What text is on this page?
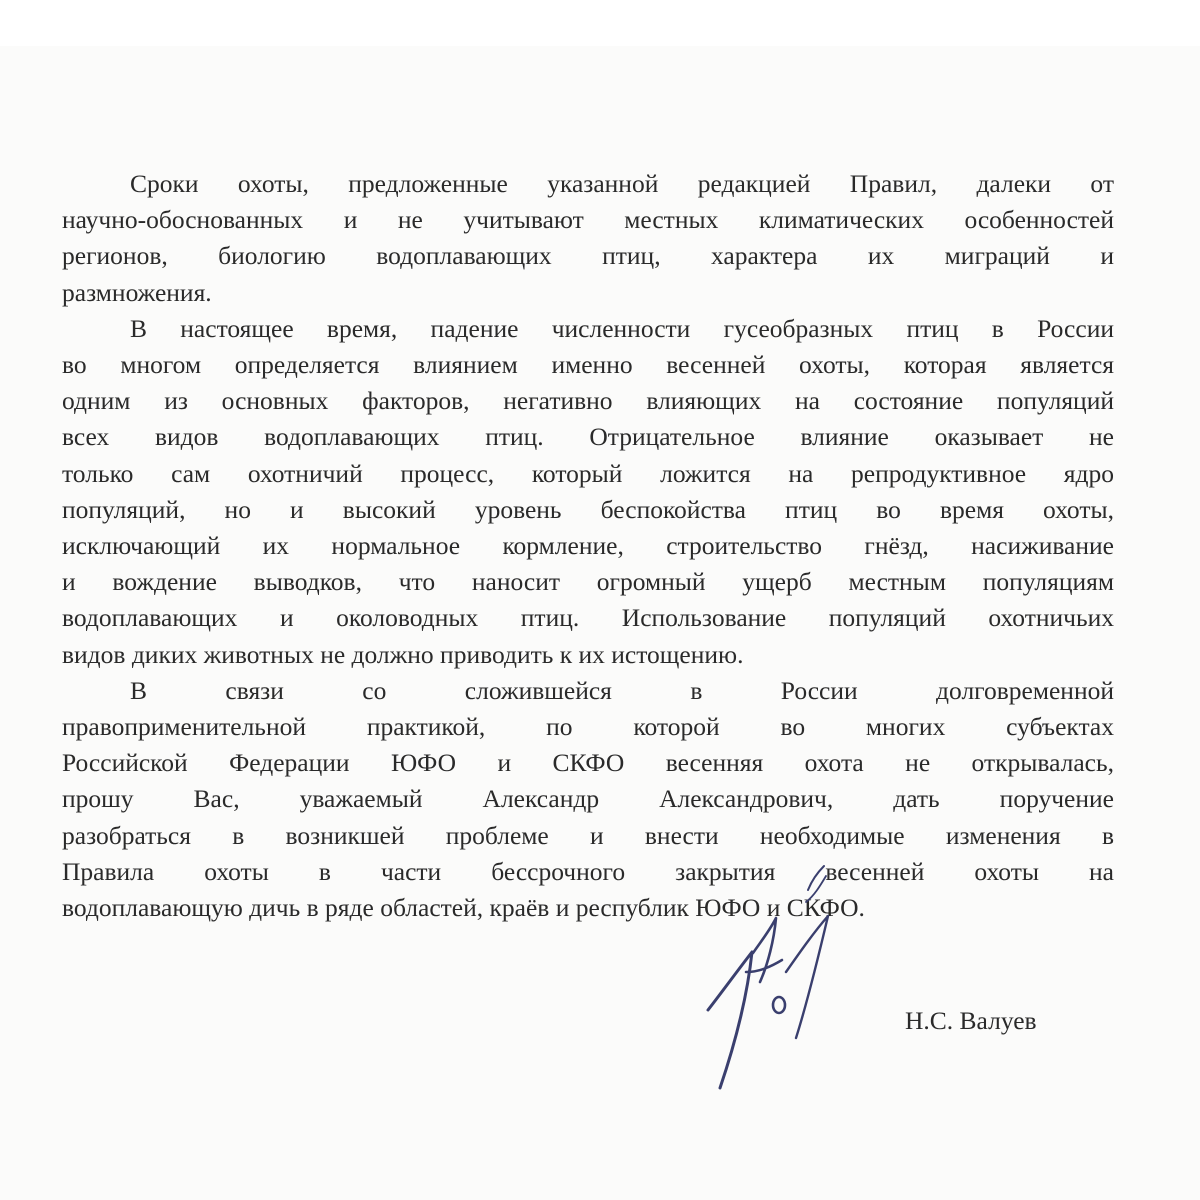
Сроки охоты, предложенные указанной редакцией Правил, далеки от
научно-обоснованных и не учитывают местных климатических особенностей
регионов, биологию водоплавающих птиц, характера их миграций и
размножения.

В настоящее время, падение численности гусеобразных птиц в России
во многом определяется влиянием именно весенней охоты, которая является
одним из основных факторов, негативно влияющих на состояние популяций
всех видов водоплавающих птиц. Отрицательное влияние оказывает не
только сам охотничий процесс, который ложится на репродуктивное ядро
популяций, но и высокий уровень беспокойства птиц во время охоты,
исключающий их нормальное кормление, строительство гнёзд, насиживание
и вождение выводков, что наносит огромный ущерб местным популяциям
водоплавающих и околоводных птиц. Использование популяций охотничьих
видов диких животных не должно приводить к их истощению.

В связи со сложившейся в России долговременной
правоприменительной практикой, по которой во многих субъектах
Российской Федерации ЮФО и СКФО весенняя охота не открывалась,
прошу Вас, уважаемый Александр Александрович, дать поручение
разобраться в возникшей проблеме и внести необходимые изменения в
Правила охоты в части бессрочного закрытия весенней охоты на
водоплавающую дичь в ряде областей, краёв и республик ЮФО и СКФО.

Н.С. Валуев
